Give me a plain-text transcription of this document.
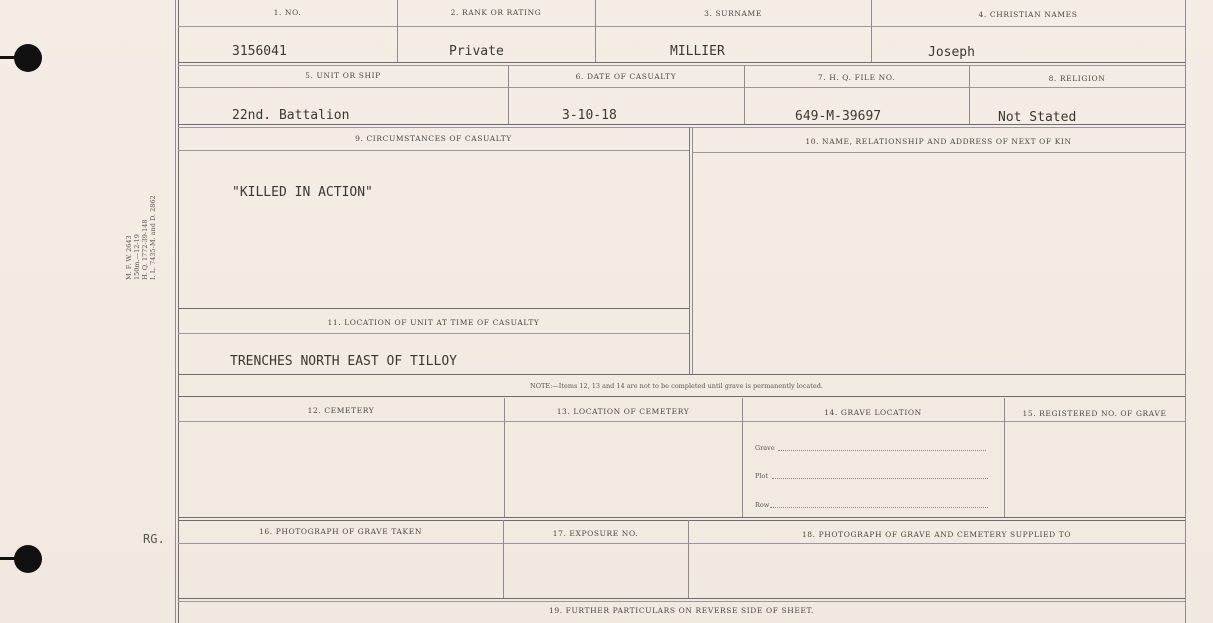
M. F. W. 2643 150m.—12-19 H. Q. 1772-39-148 I. L. 7435-M. and D. 2862
RG.
1. NO.	2. RANK OR RATING	3. SURNAME	4. CHRISTIAN NAMES
3156041	Private	MILLIER	Joseph
5. UNIT OR SHIP	6. DATE OF CASUALTY	7. H. Q. FILE NO.	8. RELIGION
22nd. Battalion	3-10-18	649-M-39697	Not Stated
9. CIRCUMSTANCES OF CASUALTY	10. NAME, RELATIONSHIP AND ADDRESS OF NEXT OF KIN
"KILLED IN ACTION"
11. LOCATION OF UNIT AT TIME OF CASUALTY
TRENCHES NORTH EAST OF TILLOY
NOTE:—Items 12, 13 and 14 are not to be completed until grave is permanently located.
12. CEMETERY	13. LOCATION OF CEMETERY	14. GRAVE LOCATION	15. REGISTERED NO. OF GRAVE
Grave
Plot
Row
16. PHOTOGRAPH OF GRAVE TAKEN	17. EXPOSURE NO.	18. PHOTOGRAPH OF GRAVE AND CEMETERY SUPPLIED TO
19. FURTHER PARTICULARS ON REVERSE SIDE OF SHEET.
